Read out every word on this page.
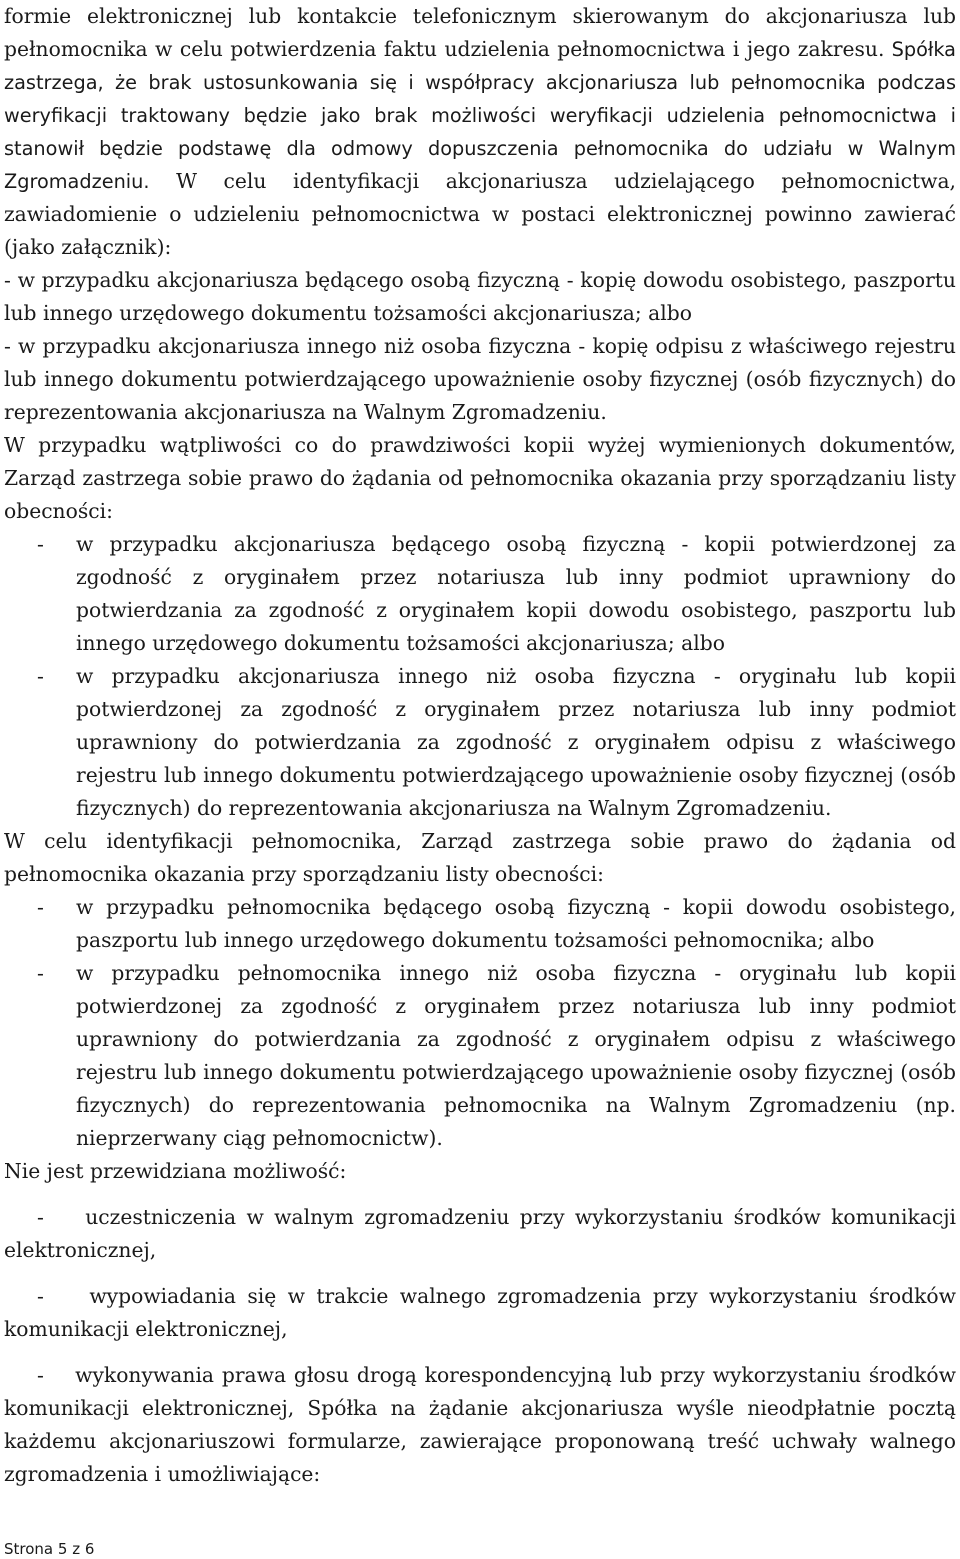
formie elektronicznej lub kontakcie telefonicznym skierowanym do akcjonariusza lub pełnomocnika w celu potwierdzenia faktu udzielenia pełnomocnictwa i jego zakresu. Spółka zastrzega, że brak ustosunkowania się i współpracy akcjonariusza lub pełnomocnika podczas weryfikacji traktowany będzie jako brak możliwości weryfikacji udzielenia pełnomocnictwa i stanowił będzie podstawę dla odmowy dopuszczenia pełnomocnika do udziału w Walnym Zgromadzeniu. W celu identyfikacji akcjonariusza udzielającego pełnomocnictwa, zawiadomienie o udzieleniu pełnomocnictwa w postaci elektronicznej powinno zawierać (jako załącznik):

- w przypadku akcjonariusza będącego osobą fizyczną - kopię dowodu osobistego, paszportu lub innego urzędowego dokumentu tożsamości akcjonariusza; albo

- w przypadku akcjonariusza innego niż osoba fizyczna - kopię odpisu z właściwego rejestru lub innego dokumentu potwierdzającego upoważnienie osoby fizycznej (osób fizycznych) do reprezentowania akcjonariusza na Walnym Zgromadzeniu.

W przypadku wątpliwości co do prawdziwości kopii wyżej wymienionych dokumentów, Zarząd zastrzega sobie prawo do żądania od pełnomocnika okazania przy sporządzaniu listy obecności:

- w przypadku akcjonariusza będącego osobą fizyczną - kopii potwierdzonej za zgodność z oryginałem przez notariusza lub inny podmiot uprawniony do potwierdzania za zgodność z oryginałem kopii dowodu osobistego, paszportu lub innego urzędowego dokumentu tożsamości akcjonariusza; albo
- w przypadku akcjonariusza innego niż osoba fizyczna - oryginału lub kopii potwierdzonej za zgodność z oryginałem przez notariusza lub inny podmiot uprawniony do potwierdzania za zgodność z oryginałem odpisu z właściwego rejestru lub innego dokumentu potwierdzającego upoważnienie osoby fizycznej (osób fizycznych) do reprezentowania akcjonariusza na Walnym Zgromadzeniu.

W celu identyfikacji pełnomocnika, Zarząd zastrzega sobie prawo do żądania od pełnomocnika okazania przy sporządzaniu listy obecności:

- w przypadku pełnomocnika będącego osobą fizyczną - kopii dowodu osobistego, paszportu lub innego urzędowego dokumentu tożsamości pełnomocnika; albo
- w przypadku pełnomocnika innego niż osoba fizyczna - oryginału lub kopii potwierdzonej za zgodność z oryginałem przez notariusza lub inny podmiot uprawniony do potwierdzania za zgodność z oryginałem odpisu z właściwego rejestru lub innego dokumentu potwierdzającego upoważnienie osoby fizycznej (osób fizycznych) do reprezentowania pełnomocnika na Walnym Zgromadzeniu (np. nieprzerwany ciąg pełnomocnictw).

Nie jest przewidziana możliwość:

- uczestniczenia w walnym zgromadzeniu przy wykorzystaniu środków komunikacji elektronicznej,

- wypowiadania się w trakcie walnego zgromadzenia przy wykorzystaniu środków komunikacji elektronicznej,

- wykonywania prawa głosu drogą korespondencyjną lub przy wykorzystaniu środków komunikacji elektronicznej, Spółka na żądanie akcjonariusza wyśle nieodpłatnie pocztą każdemu akcjonariuszowi formularze, zawierające proponowaną treść uchwały walnego zgromadzenia i umożliwiające:

Strona 5 z 6
